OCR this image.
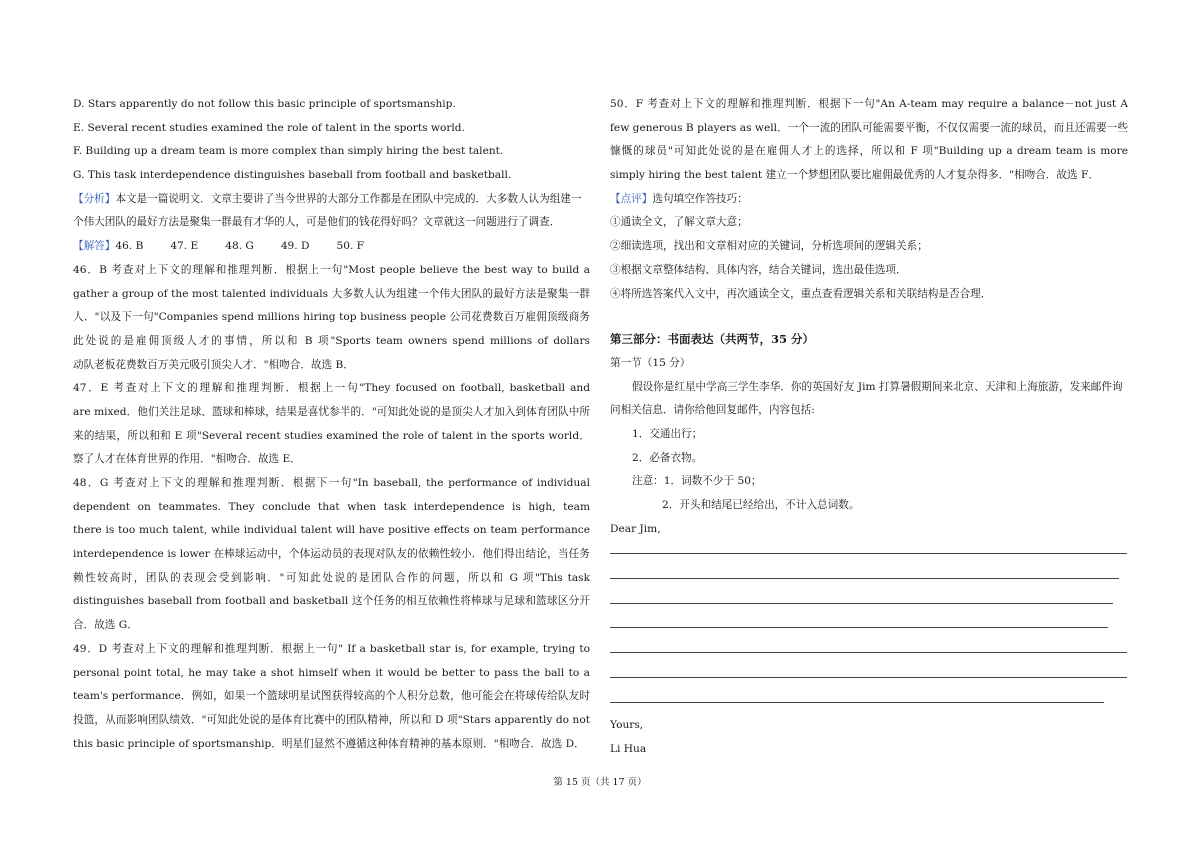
D. Stars apparently do not follow this basic principle of sportsmanship.
E. Several recent studies examined the role of talent in the sports world.
F. Building up a dream team is more complex than simply hiring the best talent.
G. This task interdependence distinguishes baseball from football and basketball.
【分析】本文是一篇说明文．文章主要讲了当今世界的大部分工作都是在团队中完成的．大多数人认为组建一
个伟大团队的最好方法是聚集一群最有才华的人，可是他们的钱花得好吗？文章就这一问题进行了调查．
【解答】46. B        47. E        48. G        49. D        50. F
46．B 考查对上下文的理解和推理判断．根据上一句"Most people believe the best way to build a
gather a group of the most talented individuals 大多数人认为组建一个伟大团队的最好方法是聚集一群
人．"以及下一句"Companies spend millions hiring top business people 公司花费数百万雇佣顶级商务
此处说的是雇佣顶级人才的事情，所以和 B 项"Sports team owners spend millions of dollars
动队老板花费数百万美元吸引顶尖人才．"相吻合．故选 B．
47．E 考查对上下文的理解和推理判断．根据上一句"They focused on football, basketball and
are mixed．他们关注足球、篮球和棒球，结果是喜忧参半的．"可知此处说的是顶尖人才加入到体育团队中所
来的结果，所以和和 E 项"Several recent studies examined the role of talent in the sports world．
察了人才在体育世界的作用．"相吻合．故选 E．
48．G 考查对上下文的理解和推理判断．根据下一句"In baseball, the performance of individual
dependent on teammates. They conclude that when task interdependence is high, team
there is too much talent, while individual talent will have positive effects on team performance
interdependence is lower 在棒球运动中，个体运动员的表现对队友的依赖性较小．他们得出结论，当任务
赖性较高时，团队的表现会受到影响．"可知此处说的是团队合作的问题，所以和 G 项"This task
distinguishes baseball from football and basketball 这个任务的相互依赖性将棒球与足球和篮球区分开
合．故选 G．
49．D 考查对上下文的理解和推理判断．根据上一句" If a basketball star is, for example, trying to
personal point total, he may take a shot himself when it would be better to pass the ball to a
team's performance．例如，如果一个篮球明星试图获得较高的个人积分总数，他可能会在将球传给队友时
投篮，从而影响团队绩效．"可知此处说的是体育比赛中的团队精神，所以和 D 项"Stars apparently do not
this basic principle of sportsmanship．明星们显然不遵循这种体育精神的基本原则．"相吻合．故选 D．
50．F 考查对上下文的理解和推理判断．根据下一句"An A-team may require a balance－not just A
few generous B players as well．一个一流的团队可能需要平衡，不仅仅需要一流的球员，而且还需要一些
慷慨的球员"可知此处说的是在雇佣人才上的选择，所以和 F 项"Building up a dream team is more
simply hiring the best talent 建立一个梦想团队要比雇佣最优秀的人才复杂得多．"相吻合．故选 F．
【点评】选句填空作答技巧：
①通读全文，了解文章大意；
②细读选项，找出和文章相对应的关键词，分析选项间的逻辑关系；
③根据文章整体结构、具体内容，结合关键词，选出最佳选项．
④将所选答案代入文中，再次通读全文，重点查看逻辑关系和关联结构是否合理．
第三部分：书面表达（共两节，35 分）
第一节（15 分）
假设你是红星中学高三学生李华．你的英国好友 Jim 打算暑假期间来北京、天津和上海旅游，发来邮件询
问相关信息．请你给他回复邮件，内容包括:
1．交通出行；
2．必备衣物。
注意：1．词数不少于 50；
2．开头和结尾已经给出，不计入总词数。
Dear Jim,
Yours,
Li Hua
第 15 页（共 17 页）
